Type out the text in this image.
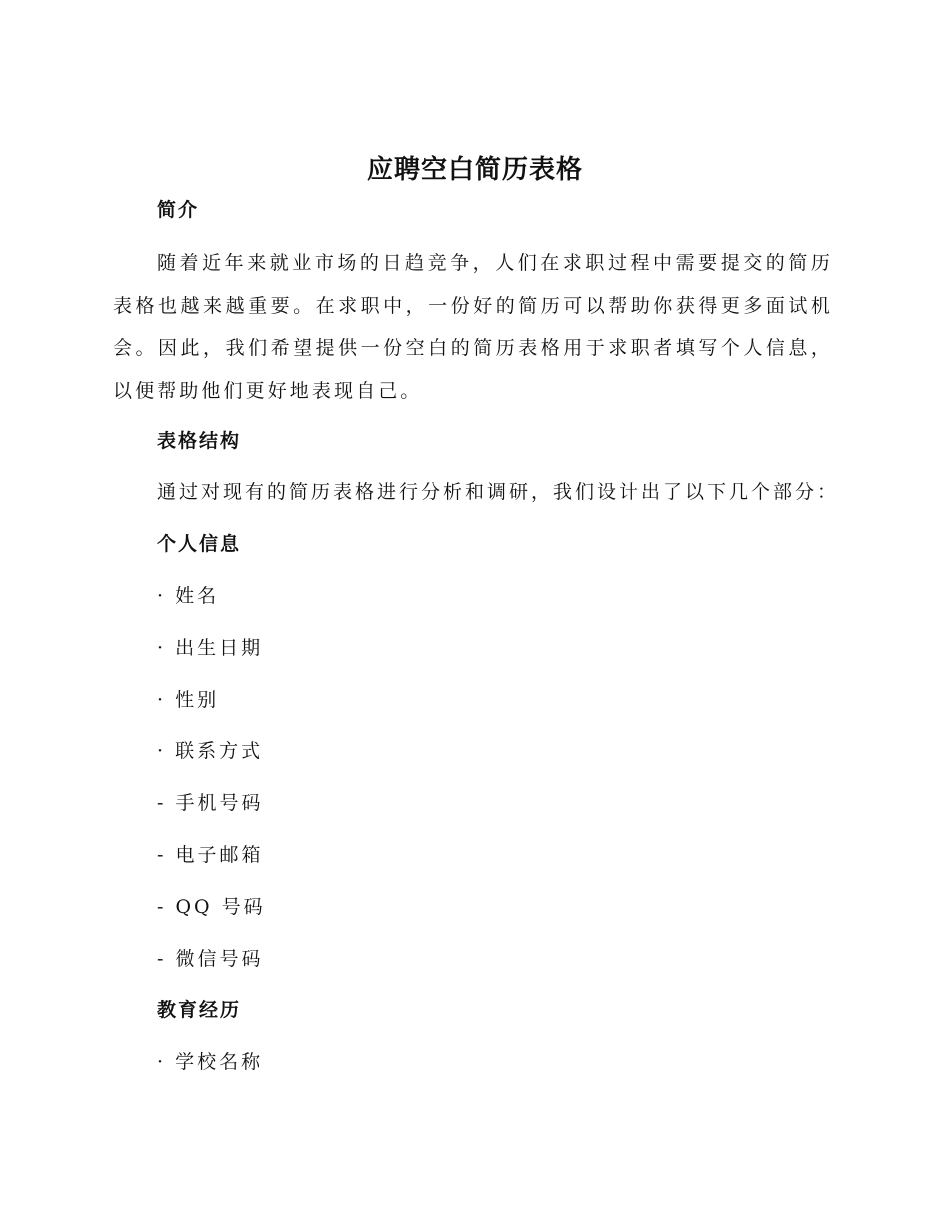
应聘空白简历表格
简介

随着近年来就业市场的日趋竞争，人们在求职过程中需要提交的简历表格也越来越重要。在求职中，一份好的简历可以帮助你获得更多面试机会。因此，我们希望提供一份空白的简历表格用于求职者填写个人信息，以便帮助他们更好地表现自己。

表格结构
通过对现有的简历表格进行分析和调研，我们设计出了以下几个部分：
个人信息
· 姓名
· 出生日期
· 性别
· 联系方式
- 手机号码
- 电子邮箱
- QQ 号码
- 微信号码
教育经历
· 学校名称
